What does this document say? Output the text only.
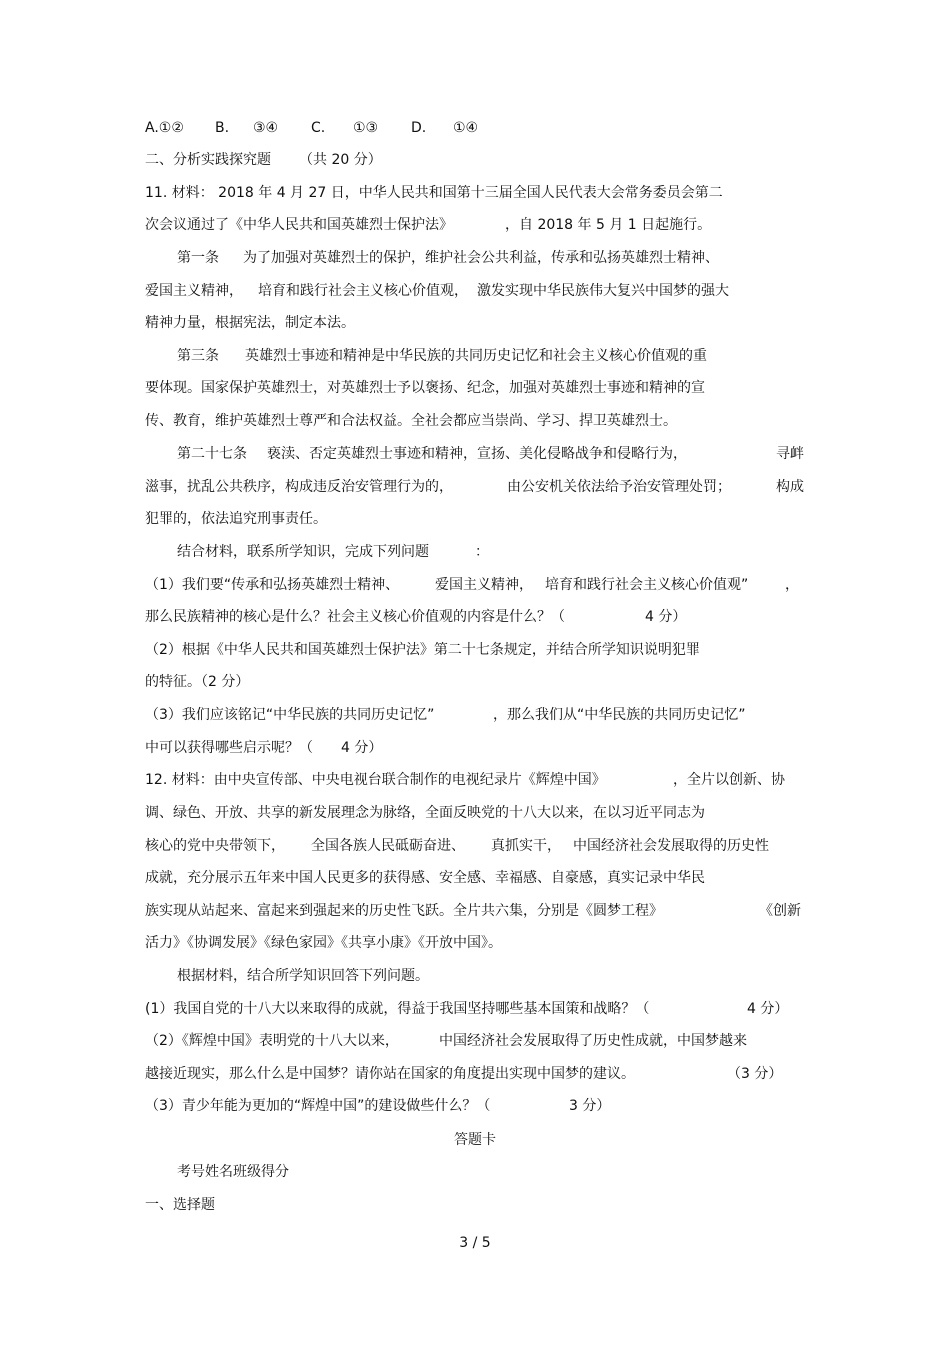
A.①② B. ③④ C. ①③ D. ①④
二、分析实践探究题 （共 20 分）
11. 材料： 2018 年 4 月 27 日，中华人民共和国第十三届全国人民代表大会常务委员会第二
次会议通过了《中华人民共和国英雄烈士保护法》	，自 2018 年 5 月 1 日起施行。
第一条 为了加强对英雄烈士的保护，维护社会公共利益，传承和弘扬英雄烈士精神、
爱国主义精神， 培育和践行社会主义核心价值观， 激发实现中华民族伟大复兴中国梦的强大
精神力量，根据宪法，制定本法。
第三条 英雄烈士事迹和精神是中华民族的共同历史记忆和社会主义核心价值观的重
要体现。国家保护英雄烈士，对英雄烈士予以褒扬、纪念，加强对英雄烈士事迹和精神的宣
传、教育，维护英雄烈士尊严和合法权益。全社会都应当崇尚、学习、捍卫英雄烈士。
第二十七条 亵渎、否定英雄烈士事迹和精神，宣扬、美化侵略战争和侵略行为，	寻衅
滋事，扰乱公共秩序，构成违反治安管理行为的，	由公安机关依法给予治安管理处罚；	构成
犯罪的，依法追究刑事责任。
结合材料，联系所学知识，完成下列问题	：
（1）我们要“传承和弘扬英雄烈士精神、	爱国主义精神， 培育和践行社会主义核心价值观”	，
那么民族精神的核心是什么？社会主义核心价值观的内容是什么？（	4 分）
（2）根据《中华人民共和国英雄烈士保护法》第二十七条规定，并结合所学知识说明犯罪
的特征。（2 分）
（3）我们应该铭记“中华民族的共同历史记忆”	，那么我们从“中华民族的共同历史记忆”
中可以获得哪些启示呢？（ 4 分）
12. 材料：由中央宣传部、中央电视台联合制作的电视纪录片《辉煌中国》	，全片以创新、协
调、绿色、开放、共享的新发展理念为脉络，全面反映党的十八大以来，在以习近平同志为
核心的党中央带领下， 全国各族人民砥砺奋进、 真抓实干， 中国经济社会发展取得的历史性
成就，充分展示五年来中国人民更多的获得感、安全感、幸福感、自豪感，真实记录中华民
族实现从站起来、富起来到强起来的历史性飞跃。全片共六集，分别是《圆梦工程》	《创新
活力》《协调发展》《绿色家园》《共享小康》《开放中国》。
根据材料，结合所学知识回答下列问题。
(1）我国自党的十八大以来取得的成就，得益于我国坚持哪些基本国策和战略？（	4 分）
（2）《辉煌中国》表明党的十八大以来，	中国经济社会发展取得了历史性成就，中国梦越来
越接近现实，那么什么是中国梦？请你站在国家的角度提出实现中国梦的建议。	（3 分）
（3）青少年能为更加的“辉煌中国”的建设做些什么？（	3 分）
答题卡
考号姓名班级得分
一、选择题
3 / 5
